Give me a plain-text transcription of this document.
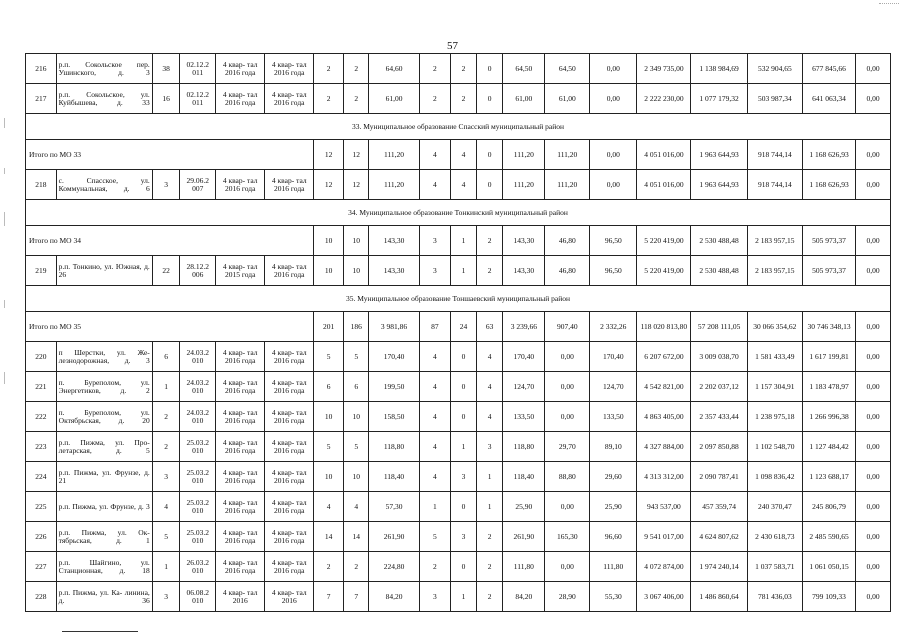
57
216	р.п. Сокольское пер. Ушинского, д. 3	38	02.12.2 011	4 квар- тал 2016 года	4 квар- тал 2016 года	2	2	64,60	2	2	0	64,50	64,50	0,00	2 349 735,00	1 138 984,69	532 904,65	677 845,66	0,00
217	р.п. Сокольское, ул. Куйбышева, д. 33	16	02.12.2 011	4 квар- тал 2016 года	4 квар- тал 2016 года	2	2	61,00	2	2	0	61,00	61,00	0,00	2 222 230,00	1 077 179,32	503 987,34	641 063,34	0,00
33. Муниципальное образование Спасский муниципальный район																			
Итого по МО 33						12	12	111,20	4	4	0	111,20	111,20	0,00	4 051 016,00	1 963 644,93	918 744,14	1 168 626,93	0,00
218	с. Спасское, ул. Коммунальная, д. 6	3	29.06.2 007	4 квар- тал 2016 года	4 квар- тал 2016 года	12	12	111,20	4	4	0	111,20	111,20	0,00	4 051 016,00	1 963 644,93	918 744,14	1 168 626,93	0,00
34. Муниципальное образование Тонкинский муниципальный район																			
Итого по МО 34						10	10	143,30	3	1	2	143,30	46,80	96,50	5 220 419,00	2 530 488,48	2 183 957,15	505 973,37	0,00
219	р.п. Тонкино, ул. Южная, д. 26	22	28.12.2 006	4 квар- тал 2015 года	4 квар- тал 2016 года	10	10	143,30	3	1	2	143,30	46,80	96,50	5 220 419,00	2 530 488,48	2 183 957,15	505 973,37	0,00
35. Муниципальное образование Тоншаевский муниципальный район																			
Итого по МО 35						201	186	3 981,86	87	24	63	3 239,66	907,40	2 332,26	118 020 813,80	57 208 111,05	30 066 354,62	30 746 348,13	0,00
220	п Шерстки, ул. Же- лезнодорожная, д. 3	6	24.03.2 010	4 квар- тал 2016 года	4 квар- тал 2016 года	5	5	170,40	4	0	4	170,40	0,00	170,40	6 207 672,00	3 009 038,70	1 581 433,49	1 617 199,81	0,00
221	п. Буреполом, ул. Энергетиков, д. 2	1	24.03.2 010	4 квар- тал 2016 года	4 квар- тал 2016 года	6	6	199,50	4	0	4	124,70	0,00	124,70	4 542 821,00	2 202 037,12	1 157 304,91	1 183 478,97	0,00
222	п. Буреполом, ул. Октябрьская, д. 20	2	24.03.2 010	4 квар- тал 2016 года	4 квар- тал 2016 года	10	10	158,50	4	0	4	133,50	0,00	133,50	4 863 405,00	2 357 433,44	1 238 975,18	1 266 996,38	0,00
223	р.п. Пижма, ул. Про- летарская, д. 5	2	25.03.2 010	4 квар- тал 2016 года	4 квар- тал 2016 года	5	5	118,80	4	1	3	118,80	29,70	89,10	4 327 884,00	2 097 850,88	1 102 548,70	1 127 484,42	0,00
224	р.п. Пижма, ул. Фрунзе, д. 21	3	25.03.2 010	4 квар- тал 2016 года	4 квар- тал 2016 года	10	10	118,40	4	3	1	118,40	88,80	29,60	4 313 312,00	2 090 787,41	1 098 836,42	1 123 688,17	0,00
225	р.п. Пижма, ул. Фрунзе, д. 3	4	25.03.2 010	4 квар- тал 2016 года	4 квар- тал 2016 года	4	4	57,30	1	0	1	25,90	0,00	25,90	943 537,00	457 359,74	240 370,47	245 806,79	0,00
226	р.п. Пижма, ул. Ок- тябрьская, д. 1	5	25.03.2 010	4 квар- тал 2016 года	4 квар- тал 2016 года	14	14	261,90	5	3	2	261,90	165,30	96,60	9 541 017,00	4 624 807,62	2 430 618,73	2 485 590,65	0,00
227	р.п. Шайгино, ул. Станционная, д. 18	1	26.03.2 010	4 квар- тал 2016 года	4 квар- тал 2016 года	2	2	224,80	2	0	2	111,80	0,00	111,80	4 072 874,00	1 974 240,14	1 037 583,71	1 061 050,15	0,00
228	р.п. Пижма, ул. Ка- линина, д. 36	3	06.08.2 010	4 квар- тал 2016	4 квар- тал 2016	7	7	84,20	3	1	2	84,20	28,90	55,30	3 067 406,00	1 486 860,64	781 436,03	799 109,33	0,00
